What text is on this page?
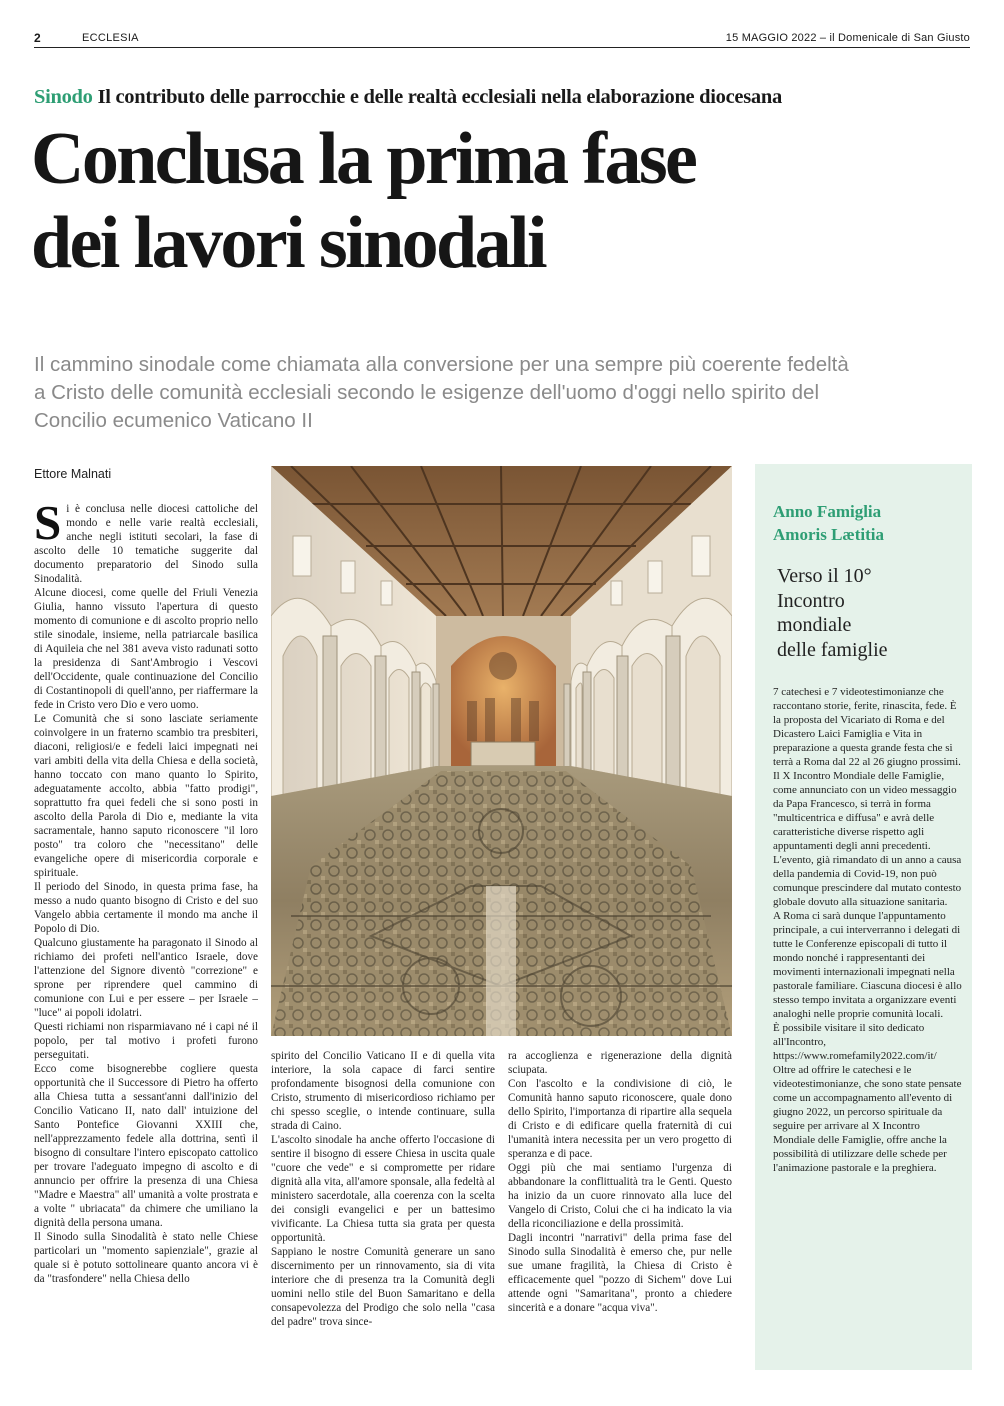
2	ECCLESIA	15 MAGGIO 2022 – il Domenicale di San Giusto
Sinodo Il contributo delle parrocchie e delle realtà ecclesiali nella elaborazione diocesana
Conclusa la prima fase
dei lavori sinodali
Il cammino sinodale come chiamata alla conversione per una sempre più coerente fedeltà
a Cristo delle comunità ecclesiali secondo le esigenze dell'uomo d'oggi nello spirito del
Concilio ecumenico Vaticano II
Ettore Malnati

Si è conclusa nelle diocesi cattoliche del mondo e nelle varie realtà ecclesiali, anche negli istituti secolari, la fase di ascolto delle 10 tematiche suggerite dal documento preparatorio del Sinodo sulla Sinodalità.

Alcune diocesi, come quelle del Friuli Venezia Giulia, hanno vissuto l'apertura di questo momento di comunione e di ascolto proprio nello stile sinodale, insieme, nella patriarcale basilica di Aquileia che nel 381 aveva visto radunati sotto la presidenza di Sant'Ambrogio i Vescovi dell'Occidente, quale continuazione del Concilio di Costantinopoli di quell'anno, per riaffermare la fede in Cristo vero Dio e vero uomo.

Le Comunità che si sono lasciate seriamente coinvolgere in un fraterno scambio tra presbiteri, diaconi, religiosi/e e fedeli laici impegnati nei vari ambiti della vita della Chiesa e della società, hanno toccato con mano quanto lo Spirito, adeguatamente accolto, abbia "fatto prodigi", soprattutto fra quei fedeli che si sono posti in ascolto della Parola di Dio e, mediante la vita sacramentale, hanno saputo riconoscere "il loro posto" tra coloro che "necessitano" delle evangeliche opere di misericordia corporale e spirituale.

Il periodo del Sinodo, in questa prima fase, ha messo a nudo quanto bisogno di Cristo e del suo Vangelo abbia certamente il mondo ma anche il Popolo di Dio.

Qualcuno giustamente ha paragonato il Sinodo al richiamo dei profeti nell'antico Israele, dove l'attenzione del Signore diventò "correzione" e sprone per riprendere quel cammino di comunione con Lui e per essere – per Israele – "luce" ai popoli idolatri.

Questi richiami non risparmiavano né i capi né il popolo, per tal motivo i profeti furono perseguitati.

Ecco come bisognerebbe cogliere questa opportunità che il Successore di Pietro ha offerto alla Chiesa tutta a sessant'anni dall'inizio del Concilio Vaticano II, nato dall' intuizione del Santo Pontefice Giovanni XXIII che, nell'apprezzamento fedele alla dottrina, sentì il bisogno di consultare l'intero episcopato cattolico per trovare l'adeguato impegno di ascolto e di annuncio per offrire la presenza di una Chiesa "Madre e Maestra" all' umanità a volte prostrata e a volte " ubriacata" da chimere che umiliano la dignità della persona umana.

Il Sinodo sulla Sinodalità è stato nelle Chiese particolari un "momento sapienziale", grazie al quale si è potuto sottolineare quanto ancora vi è da "trasfondere" nella Chiesa dello

spirito del Concilio Vaticano II e di quella vita interiore, la sola capace di farci sentire profondamente bisognosi della comunione con Cristo, strumento di misericordioso richiamo per chi spesso sceglie, o intende continuare, sulla strada di Caino.

L'ascolto sinodale ha anche offerto l'occasione di sentire il bisogno di essere Chiesa in uscita quale "cuore che vede" e si compromette per ridare dignità alla vita, all'amore sponsale, alla fedeltà al ministero sacerdotale, alla coerenza con la scelta dei consigli evangelici e per un battesimo vivificante. La Chiesa tutta sia grata per questa opportunità.

Sappiano le nostre Comunità generare un sano discernimento per un rinnovamento, sia di vita interiore che di presenza tra la Comunità degli uomini nello stile del Buon Samaritano e della consapevolezza del Prodigo che solo nella "casa del padre" trova since-

ra accoglienza e rigenerazione della dignità sciupata.

Con l'ascolto e la condivisione di ciò, le Comunità hanno saputo riconoscere, quale dono dello Spirito, l'importanza di ripartire alla sequela di Cristo e di edificare quella fraternità di cui l'umanità intera necessita per un vero progetto di speranza e di pace.

Oggi più che mai sentiamo l'urgenza di abbandonare la conflittualità tra le Genti. Questo ha inizio da un cuore rinnovato alla luce del Vangelo di Cristo, Colui che ci ha indicato la via della riconciliazione e della prossimità.

Dagli incontri "narrativi" della prima fase del Sinodo sulla Sinodalità è emerso che, pur nelle sue umane fragilità, la Chiesa di Cristo è efficacemente quel "pozzo di Sichem" dove Lui attende ogni "Samaritana", pronto a chiedere sincerità e a donare "acqua viva".

Anno Famiglia
Amoris Lætitia
Verso il 10°
Incontro
mondiale
delle famiglie

7 catechesi e 7 videotestimonianze che raccontano storie, ferite, rinascita, fede. È la proposta del Vicariato di Roma e del Dicastero Laici Famiglia e Vita in preparazione a questa grande festa che si terrà a Roma dal 22 al 26 giugno prossimi.

Il X Incontro Mondiale delle Famiglie, come annunciato con un video messaggio da Papa Francesco, si terrà in forma "multicentrica e diffusa" e avrà delle caratteristiche diverse rispetto agli appuntamenti degli anni precedenti. L'evento, già rimandato di un anno a causa della pandemia di Covid-19, non può comunque prescindere dal mutato contesto globale dovuto alla situazione sanitaria.

A Roma ci sarà dunque l'appuntamento principale, a cui interverranno i delegati di tutte le Conferenze episcopali di tutto il mondo nonché i rappresentanti dei movimenti internazionali impegnati nella pastorale familiare. Ciascuna diocesi è allo stesso tempo invitata a organizzare eventi analoghi nelle proprie comunità locali.

È possibile visitare il sito dedicato all'Incontro, https://www.romefamily2022.com/it/

Oltre ad offrire le catechesi e le videotestimonianze, che sono state pensate come un accompagnamento all'evento di giugno 2022, un percorso spirituale da seguire per arrivare al X Incontro Mondiale delle Famiglie, offre anche la possibilità di utilizzare delle schede per l'animazione pastorale e la preghiera.
